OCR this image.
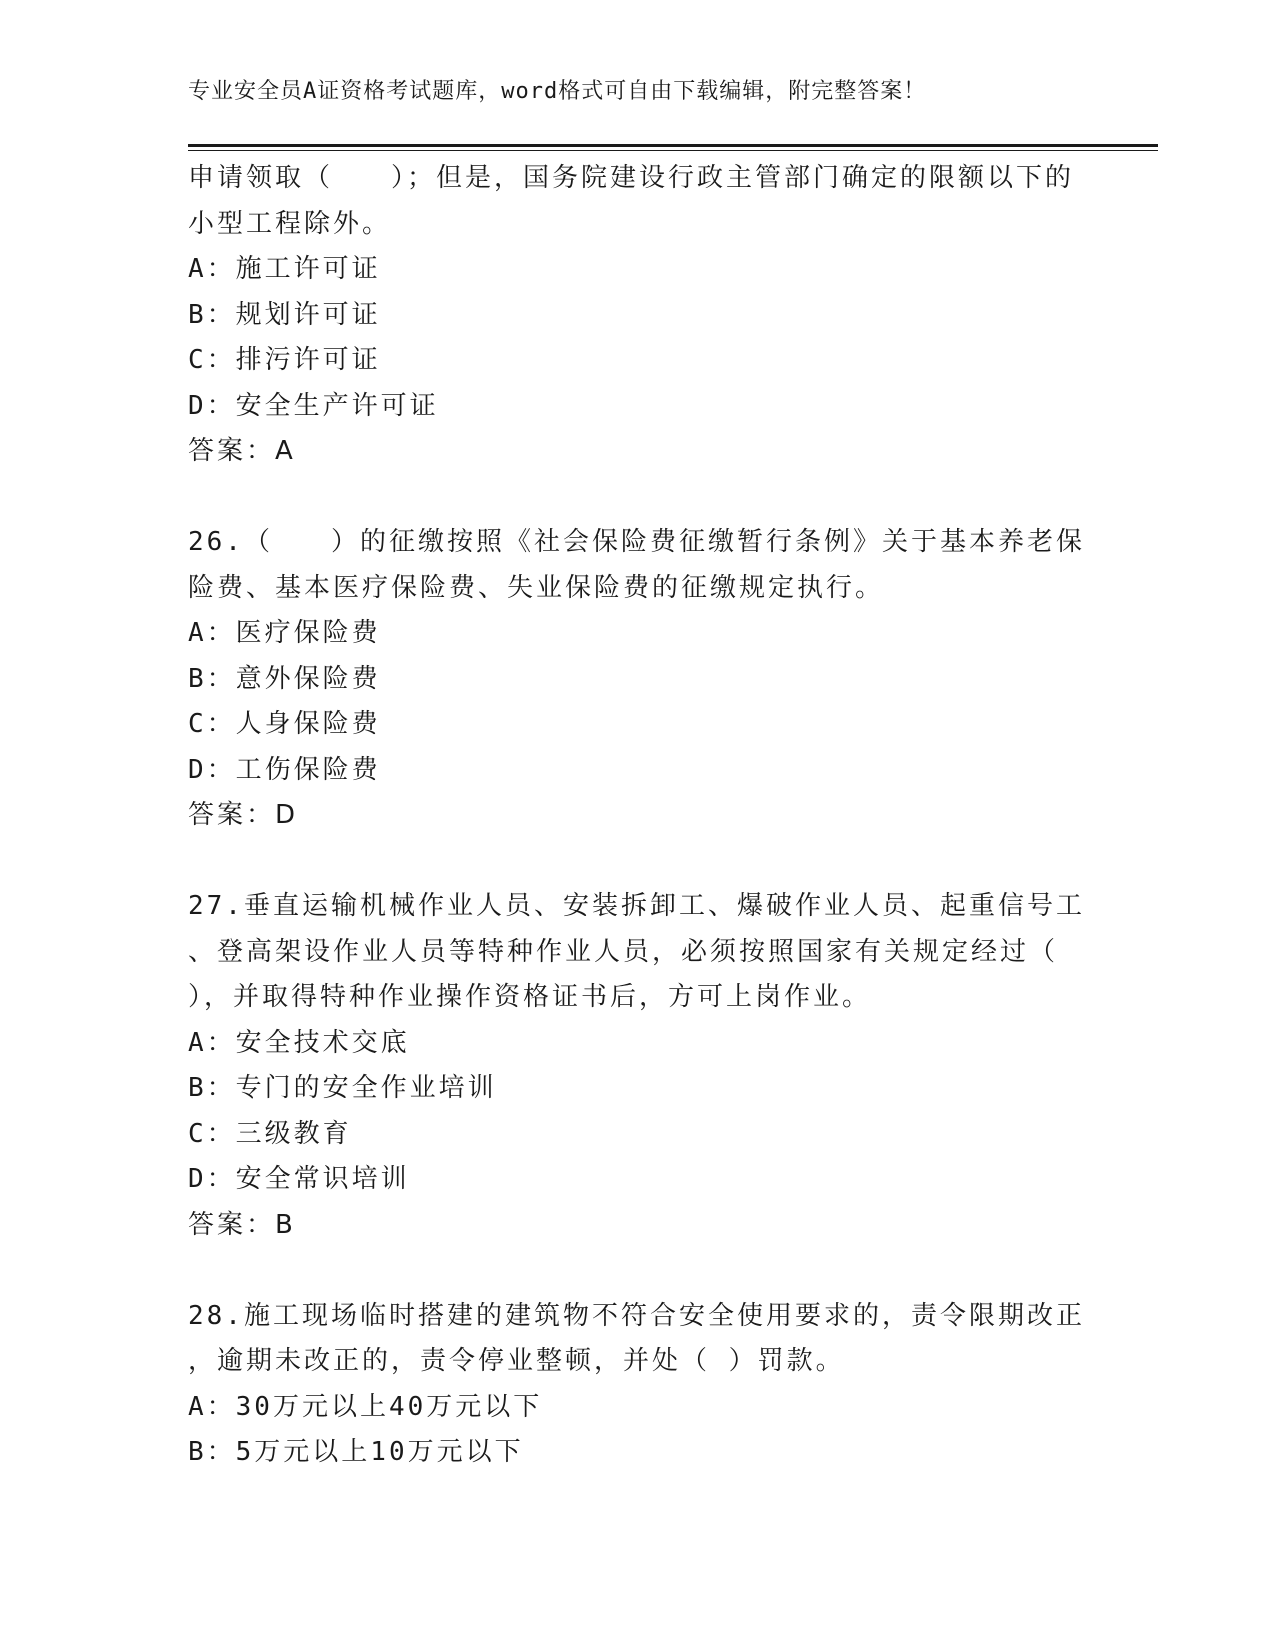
专业安全员A证资格考试题库，word格式可自由下载编辑，附完整答案！
申请领取（　　）；但是，国务院建设行政主管部门确定的限额以下的
小型工程除外。
A：施工许可证
B：规划许可证
C：排污许可证
D：安全生产许可证
答案：A
26.（　　）的征缴按照《社会保险费征缴暂行条例》关于基本养老保
险费、基本医疗保险费、失业保险费的征缴规定执行。
A：医疗保险费
B：意外保险费
C：人身保险费
D：工伤保险费
答案：D
27.垂直运输机械作业人员、安装拆卸工、爆破作业人员、起重信号工
、登高架设作业人员等特种作业人员，必须按照国家有关规定经过（
），并取得特种作业操作资格证书后，方可上岗作业。
A：安全技术交底
B：专门的安全作业培训
C：三级教育
D：安全常识培训
答案：B
28.施工现场临时搭建的建筑物不符合安全使用要求的，责令限期改正
，逾期未改正的，责令停业整顿，并处（ ）罚款。
A：30万元以上40万元以下
B：5万元以上10万元以下
